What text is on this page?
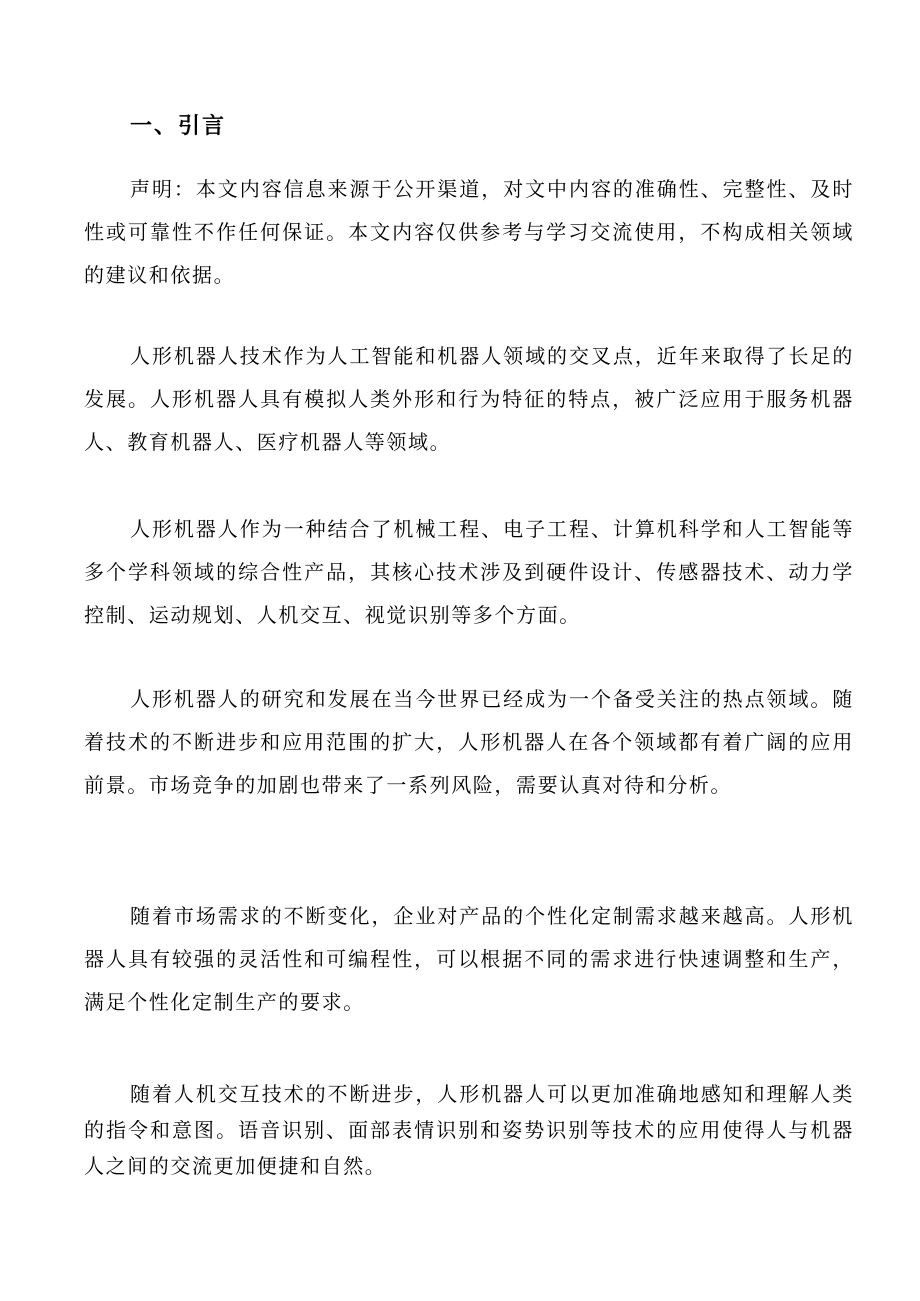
一、引言

声明：本文内容信息来源于公开渠道，对文中内容的准确性、完整性、及时性或可靠性不作任何保证。本文内容仅供参考与学习交流使用，不构成相关领域的建议和依据。

人形机器人技术作为人工智能和机器人领域的交叉点，近年来取得了长足的发展。人形机器人具有模拟人类外形和行为特征的特点，被广泛应用于服务机器人、教育机器人、医疗机器人等领域。

人形机器人作为一种结合了机械工程、电子工程、计算机科学和人工智能等多个学科领域的综合性产品，其核心技术涉及到硬件设计、传感器技术、动力学控制、运动规划、人机交互、视觉识别等多个方面。

人形机器人的研究和发展在当今世界已经成为一个备受关注的热点领域。随着技术的不断进步和应用范围的扩大，人形机器人在各个领域都有着广阔的应用前景。市场竞争的加剧也带来了一系列风险，需要认真对待和分析。

随着市场需求的不断变化，企业对产品的个性化定制需求越来越高。人形机器人具有较强的灵活性和可编程性，可以根据不同的需求进行快速调整和生产，满足个性化定制生产的要求。

随着人机交互技术的不断进步，人形机器人可以更加准确地感知和理解人类的指令和意图。语音识别、面部表情识别和姿势识别等技术的应用使得人与机器人之间的交流更加便捷和自然。
